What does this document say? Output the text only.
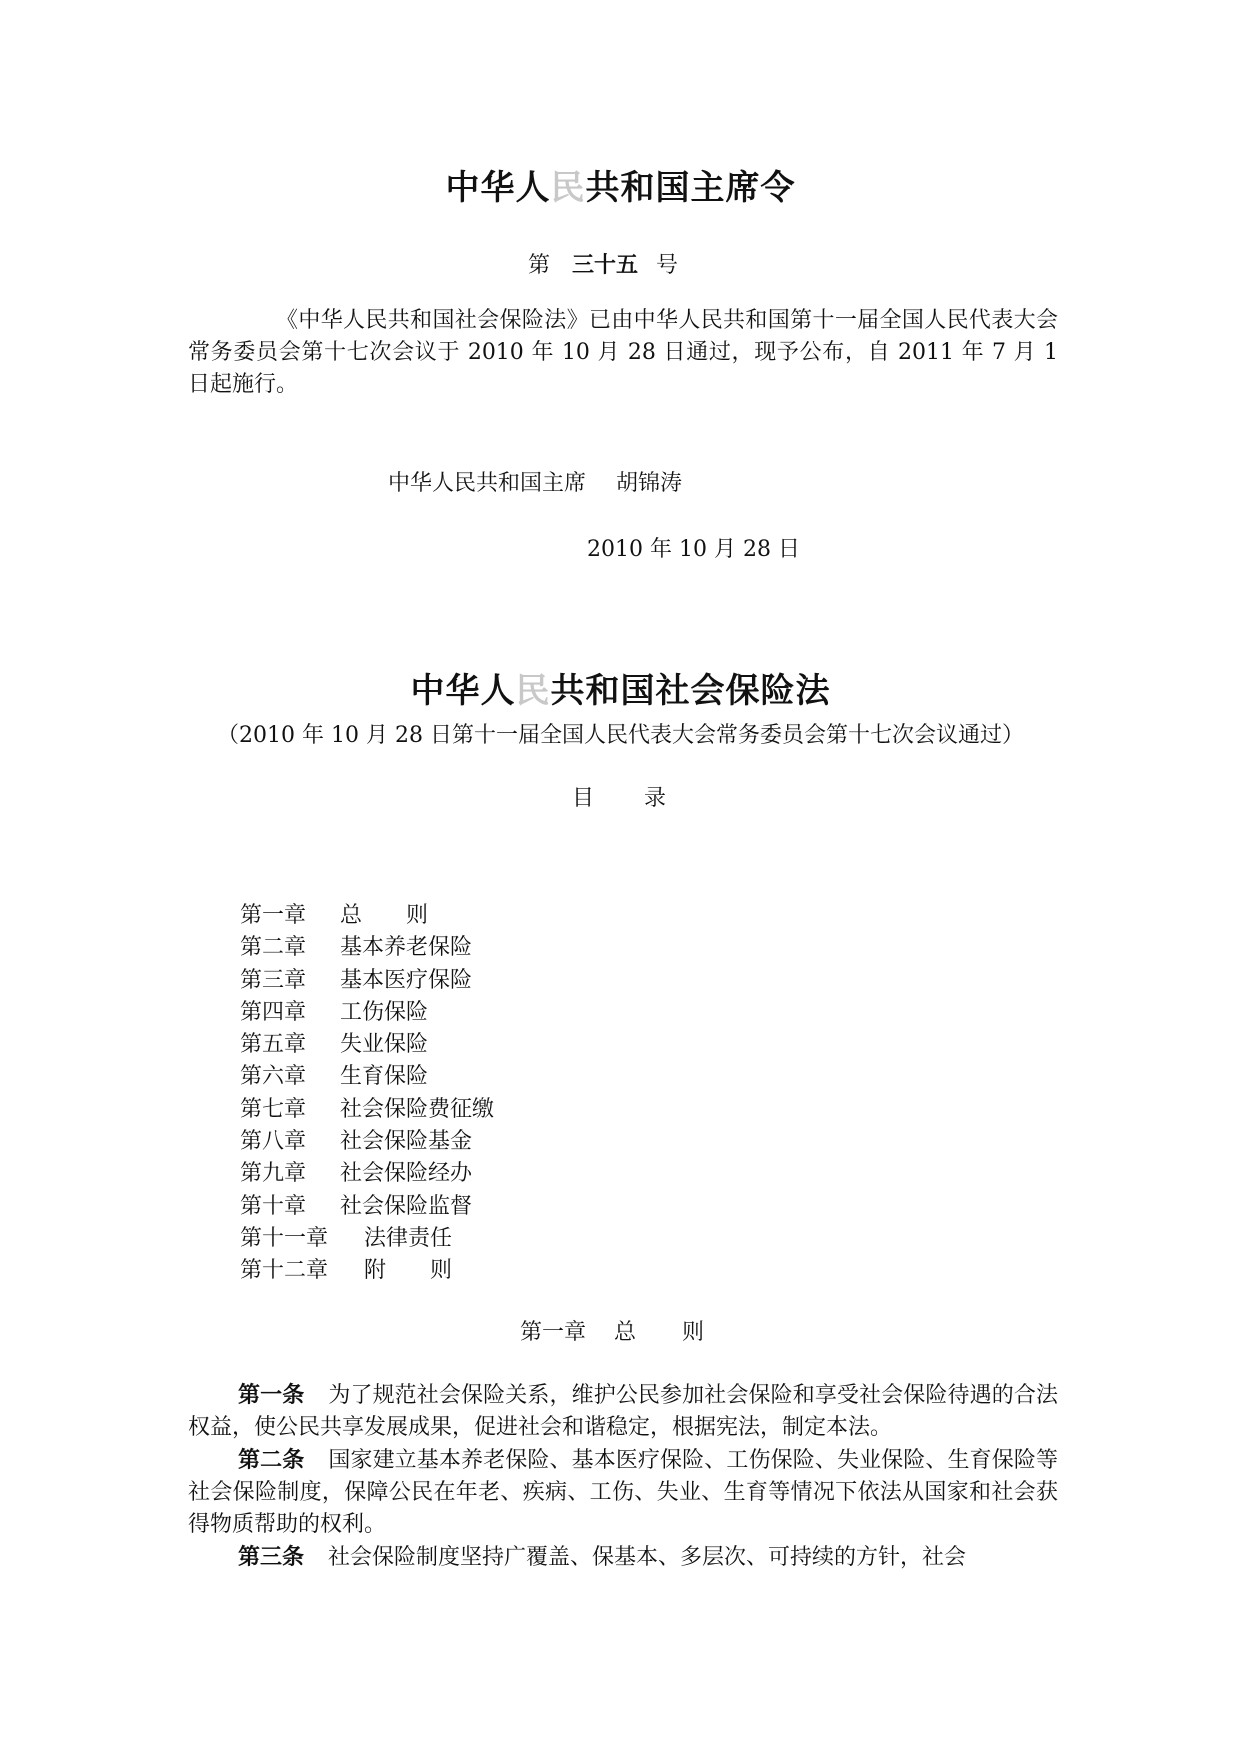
中华人民共和国主席令
第 三十五 号

《中华人民共和国社会保险法》已由中华人民共和国第十一届全国人民代表大会常务委员会第十七次会议于 2010 年 10 月 28 日通过，现予公布，自 2011 年 7 月 1 日起施行。

中华人民共和国主席 胡锦涛
2010 年 10 月 28 日
中华人民共和国社会保险法
（2010 年 10 月 28 日第十一届全国人民代表大会常务委员会第十七次会议通过）
目 录
第一章 总　　则
第二章 基本养老保险
第三章 基本医疗保险
第四章 工伤保险
第五章 失业保险
第六章 生育保险
第七章 社会保险费征缴
第八章 社会保险基金
第九章 社会保险经办
第十章 社会保险监督
第十一章 法律责任
第十二章 附　　则
第一章 总 则

第一条 为了规范社会保险关系，维护公民参加社会保险和享受社会保险待遇的合法权益，使公民共享发展成果，促进社会和谐稳定，根据宪法，制定本法。

第二条 国家建立基本养老保险、基本医疗保险、工伤保险、失业保险、生育保险等社会保险制度，保障公民在年老、疾病、工伤、失业、生育等情况下依法从国家和社会获得物质帮助的权利。

第三条 社会保险制度坚持广覆盖、保基本、多层次、可持续的方针，社会
